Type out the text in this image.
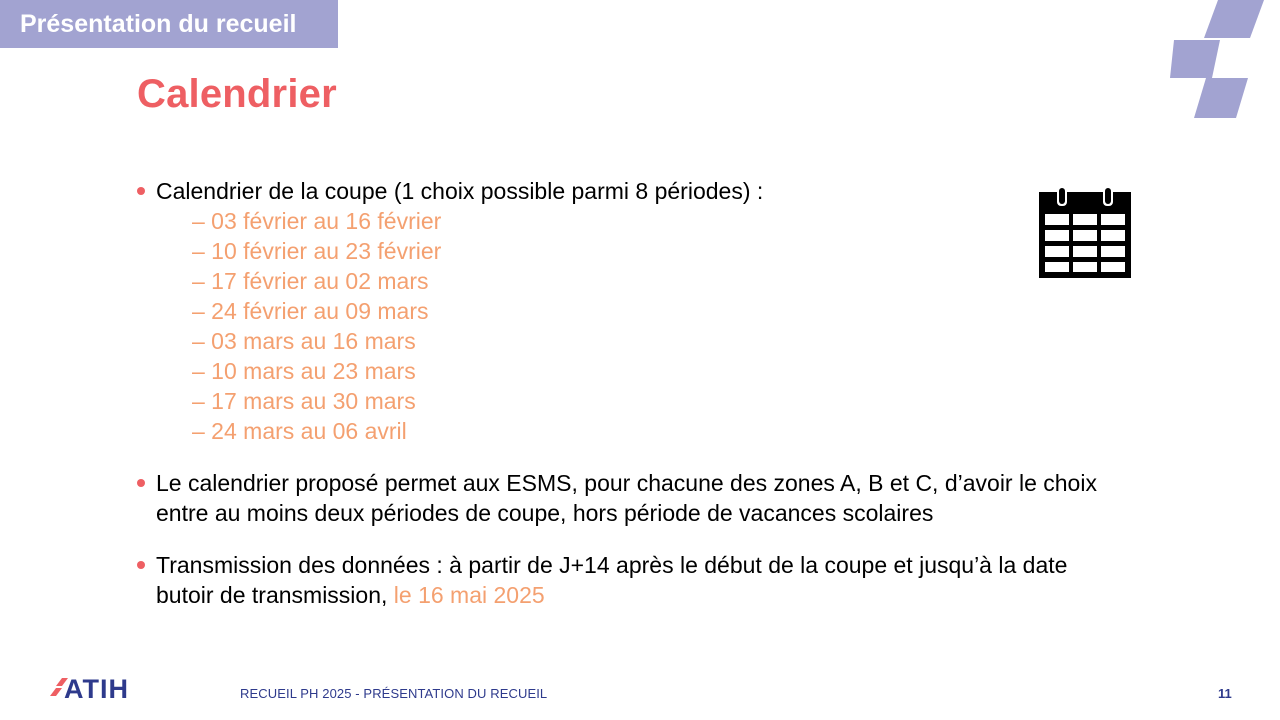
Présentation du recueil
Calendrier
Calendrier de la coupe (1 choix possible parmi 8 périodes) :
– 03 février au 16 février
– 10 février au 23 février
– 17 février au 02 mars
– 24 février au 09 mars
– 03 mars au 16 mars
– 10 mars au 23 mars
– 17 mars au 30 mars
– 24 mars au 06 avril
Le calendrier proposé permet aux ESMS, pour chacune des zones A, B et C, d’avoir le choix
entre au moins deux périodes de coupe, hors période de vacances scolaires
Transmission des données : à partir de J+14 après le début de la coupe et jusqu’à la date
butoir de transmission, le 16 mai 2025
ATIH	RECUEIL PH 2025 - PRÉSENTATION DU RECUEIL	11
